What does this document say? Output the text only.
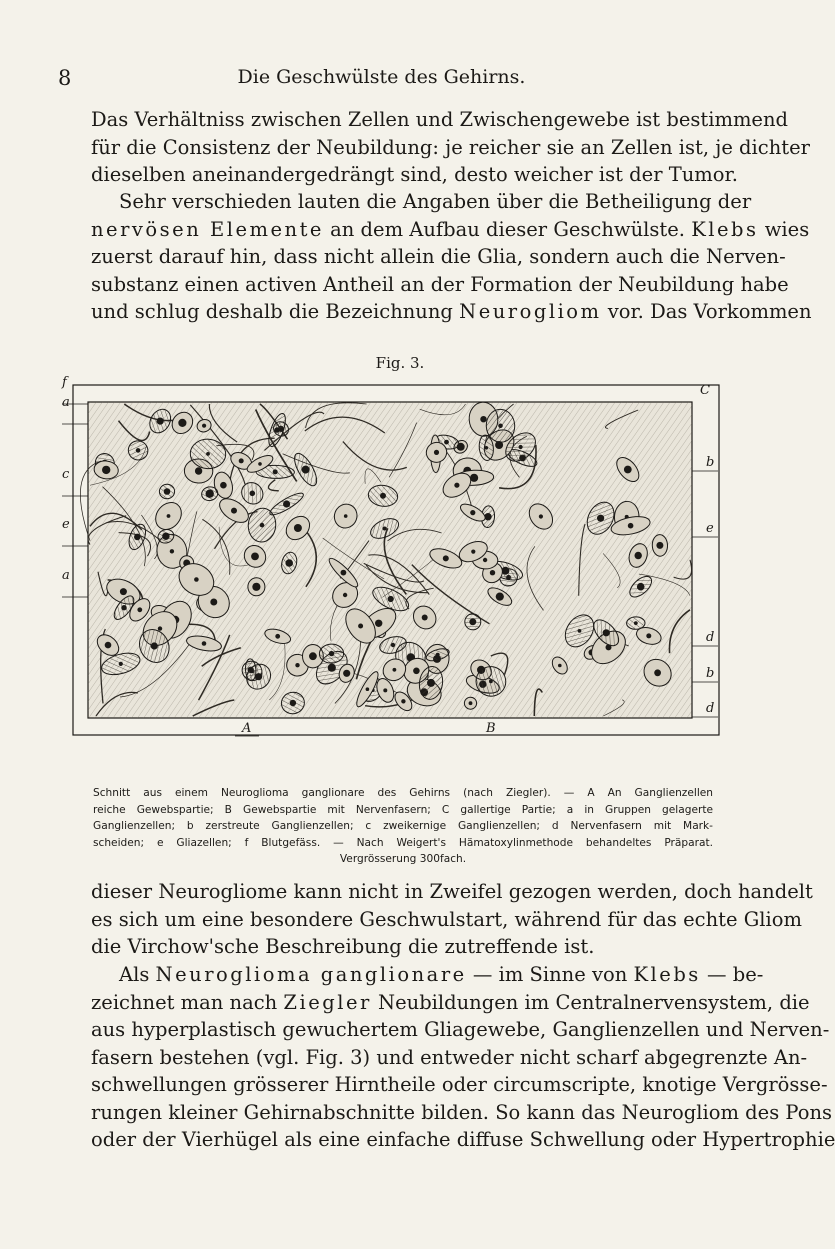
8	Die Geschwülste des Gehirns.

Das Verhältniss zwischen Zellen und Zwischengewebe ist bestimmend
für die Consistenz der Neubildung: je reicher sie an Zellen ist, je dichter
dieselben aneinandergedrängt sind, desto weicher ist der Tumor.

Sehr verschieden lauten die Angaben über die Betheiligung der
nervösen Elemente an dem Aufbau dieser Geschwülste. Klebs wies
zuerst darauf hin, dass nicht allein die Glia, sondern auch die Nerven-
substanz einen activen Antheil an der Formation der Neubildung habe
und schlug deshalb die Bezeichnung Neurogliom vor. Das Vorkommen

Fig. 3.
f
a
c
e
a
C
b
e
d
b
d
A	B

Schnitt aus einem Neuroglioma ganglionare des Gehirns (nach Ziegler). — A An Ganglienzellen
reiche Gewebspartie; B Gewebspartie mit Nervenfasern; C gallertige Partie; a in Gruppen gelagerte
Ganglienzellen; b zerstreute Ganglienzellen; c zweikernige Ganglienzellen; d Nervenfasern mit Mark-
scheiden; e Gliazellen; f Blutgefäss. — Nach Weigert's Hämatoxylinmethode behandeltes Präparat.
Vergrösserung 300fach.

dieser Neurogliome kann nicht in Zweifel gezogen werden, doch handelt
es sich um eine besondere Geschwulstart, während für das echte Gliom
die Virchow'sche Beschreibung die zutreffende ist.

Als Neuroglioma ganglionare — im Sinne von Klebs — be-
zeichnet man nach Ziegler Neubildungen im Centralnervensystem, die
aus hyperplastisch gewuchertem Gliagewebe, Ganglienzellen und Nerven-
fasern bestehen (vgl. Fig. 3) und entweder nicht scharf abgegrenzte An-
schwellungen grösserer Hirntheile oder circumscripte, knotige Vergrösse-
rungen kleiner Gehirnabschnitte bilden. So kann das Neurogliom des Pons
oder der Vierhügel als eine einfache diffuse Schwellung oder Hypertrophie
